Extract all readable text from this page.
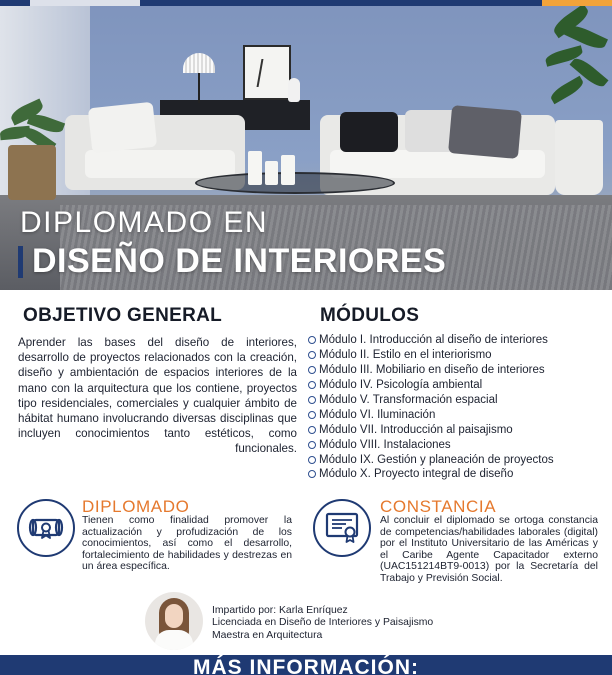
DIPLOMADO EN
DISEÑO DE INTERIORES
OBJETIVO GENERAL	MÓDULOS
Aprender las bases del diseño de interiores, desarrollo de proyectos relacionados con la creación, diseño y ambientación de espacios interiores de la mano con la arquitectura que los contiene, proyectos tipo residenciales, comerciales y cualquier ámbito de hábitat humano involucrando diversas disciplinas que incluyen conocimientos tanto estéticos, como funcionales.
Módulo I. Introducción al diseño de interiores
Módulo II. Estilo en el interiorismo
Módulo III. Mobiliario en diseño de interiores
Módulo IV. Psicología ambiental
Módulo V. Transformación espacial
Módulo VI. Iluminación
Módulo VII. Introducción al paisajismo
Módulo VIII. Instalaciones
Módulo IX. Gestión y planeación de proyectos
Módulo X. Proyecto integral de diseño
DIPLOMADO
Tienen como finalidad promover la actualización y profudización de los conocimientos, así como el desarrollo, fortalecimiento de habilidades y destrezas en un área específica.
CONSTANCIA
Al concluir el diplomado se ortoga constancia de competencias/habilidades laborales (digital) por el Instituto Universitario de las Américas y el Caribe Agente Capacitador externo (UAC151214BT9-0013) por la Secretaría del Trabajo y Previsión Social.
Impartido por: Karla Enríquez
Licenciada en Diseño de Interiores y Paisajismo
Maestra en Arquitectura
MÁS INFORMACIÓN:
